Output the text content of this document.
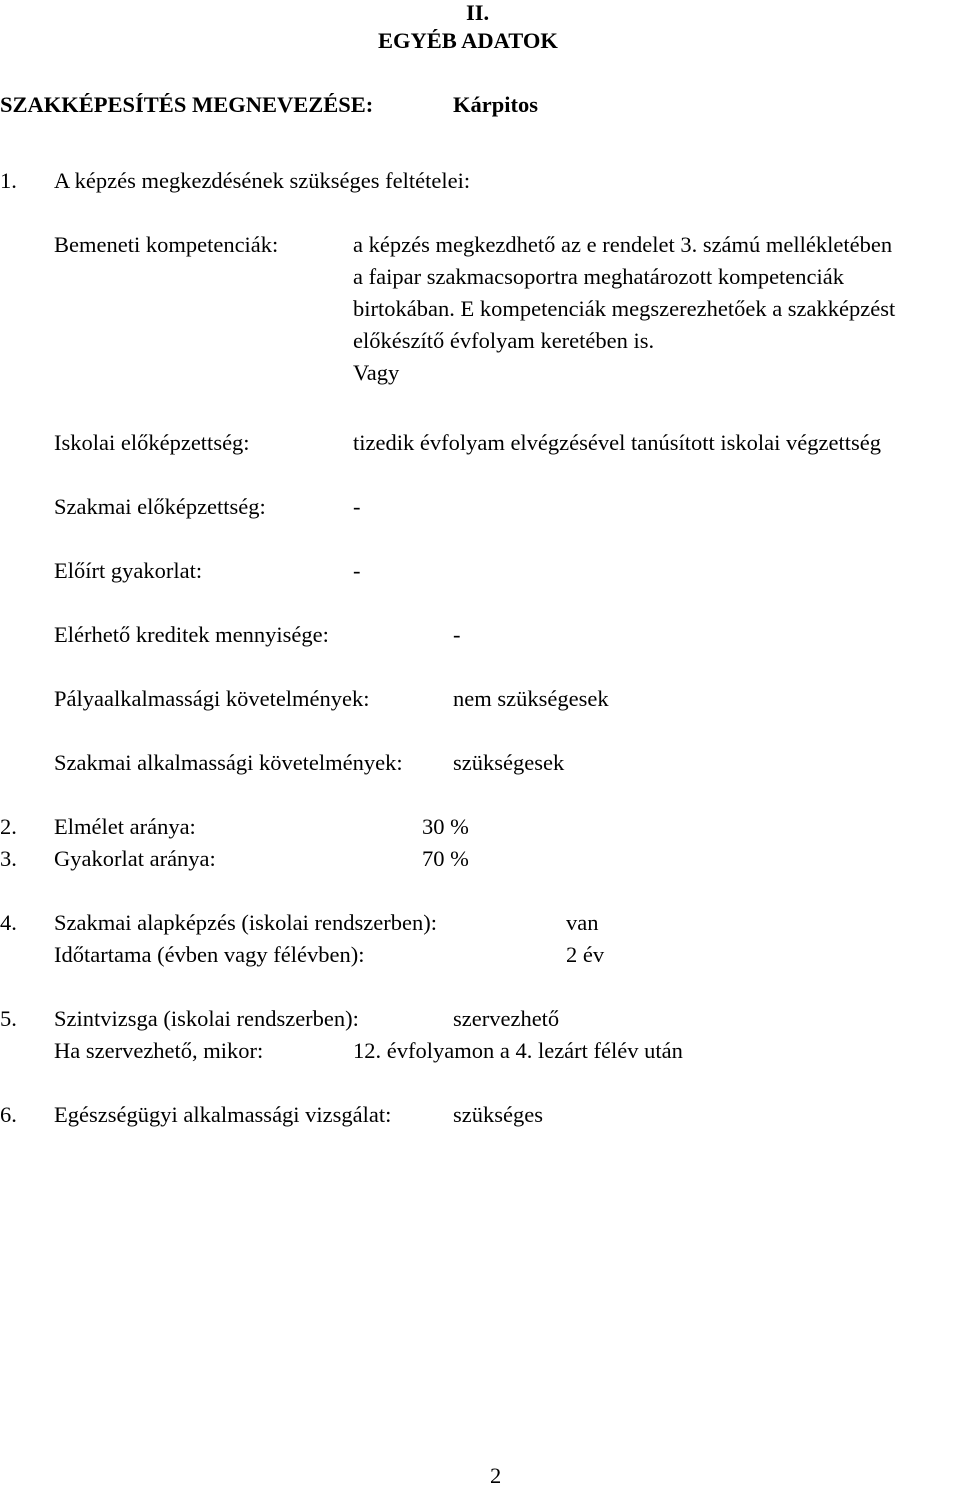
II.
EGYÉB ADATOK
SZAKKÉPESÍTÉS MEGNEVEZÉSE:	Kárpitos
1. A képzés megkezdésének szükséges feltételei:
Bemeneti kompetenciák:	a képzés megkezdhető az e rendelet 3. számú mellékletében
a faipar szakmacsoportra meghatározott kompetenciák
birtokában. E kompetenciák megszerezhetőek a szakképzést
előkészítő évfolyam keretében is.
Vagy
Iskolai előképzettség:	tizedik évfolyam elvégzésével tanúsított iskolai végzettség
Szakmai előképzettség:	-
Előírt gyakorlat:	-
Elérhető kreditek mennyisége:	-
Pályaalkalmassági követelmények:	nem szükségesek
Szakmai alkalmassági követelmények: szükségesek
2. Elmélet aránya:	30 %
3. Gyakorlat aránya:	70 %
4. Szakmai alapképzés (iskolai rendszerben):	van
Időtartama (évben vagy félévben):	2 év
5. Szintvizsga (iskolai rendszerben):	szervezhető
Ha szervezhető, mikor:	12. évfolyamon a 4. lezárt félév után
6. Egészségügyi alkalmassági vizsgálat:	szükséges
2
